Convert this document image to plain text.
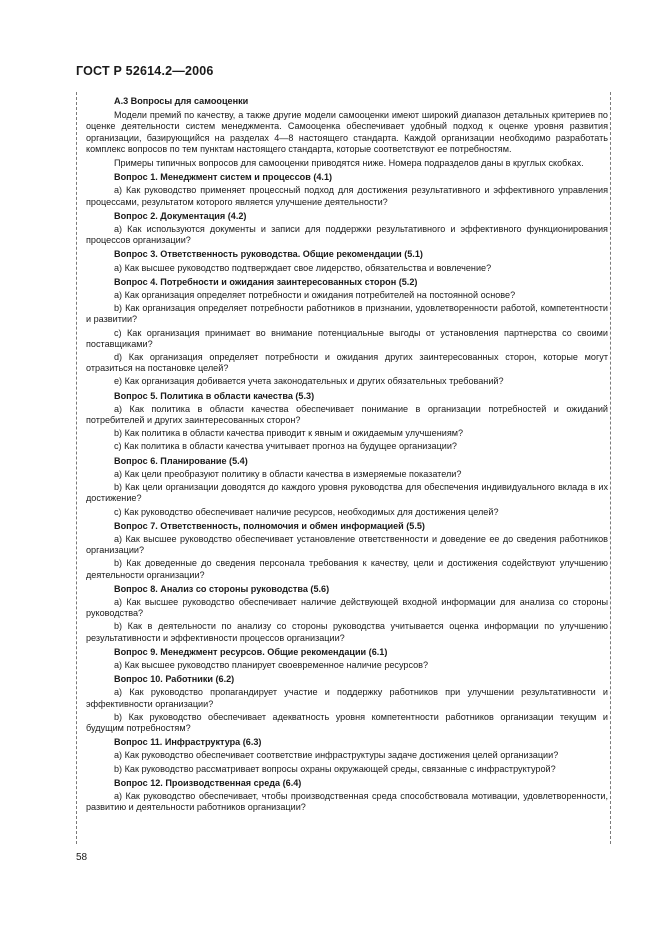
ГОСТ Р 52614.2—2006

А.3 Вопросы для самооценки

Модели премий по качеству, а также другие модели самооценки имеют широкий диапазон детальных критериев по оценке деятельности систем менеджмента. Самооценка обеспечивает удобный подход к оценке уровня развития организации, базирующийся на разделах 4—8 настоящего стандарта. Каждой организации необходимо разработать комплекс вопросов по тем пунктам настоящего стандарта, которые соответствуют ее потребностям.

Примеры типичных вопросов для самооценки приводятся ниже. Номера подразделов даны в круглых скобках.

Вопрос 1. Менеджмент систем и процессов (4.1)

а) Как руководство применяет процессный подход для достижения результативного и эффективного управления процессами, результатом которого является улучшение деятельности?

Вопрос 2. Документация (4.2)

а) Как используются документы и записи для поддержки результативного и эффективного функционирования процессов организации?

Вопрос 3. Ответственность руководства. Общие рекомендации (5.1)

а) Как высшее руководство подтверждает свое лидерство, обязательства и вовлечение?

Вопрос 4. Потребности и ожидания заинтересованных сторон (5.2)

а) Как организация определяет потребности и ожидания потребителей на постоянной основе?

b) Как организация определяет потребности работников в признании, удовлетворенности работой, компетентности и развитии?

с) Как организация принимает во внимание потенциальные выгоды от установления партнерства со своими поставщиками?

d) Как организация определяет потребности и ожидания других заинтересованных сторон, которые могут отразиться на постановке целей?

е) Как организация добивается учета законодательных и других обязательных требований?

Вопрос 5. Политика в области качества (5.3)

а) Как политика в области качества обеспечивает понимание в организации потребностей и ожиданий потребителей и других заинтересованных сторон?

b) Как политика в области качества приводит к явным и ожидаемым улучшениям?

с) Как политика в области качества учитывает прогноз на будущее организации?

Вопрос 6. Планирование (5.4)

а) Как цели преобразуют политику в области качества в измеряемые показатели?

b) Как цели организации доводятся до каждого уровня руководства для обеспечения индивидуального вклада в их достижение?

с) Как руководство обеспечивает наличие ресурсов, необходимых для достижения целей?

Вопрос 7. Ответственность, полномочия и обмен информацией (5.5)

а) Как высшее руководство обеспечивает установление ответственности и доведение ее до сведения работников организации?

b) Как доведенные до сведения персонала требования к качеству, цели и достижения содействуют улучшению деятельности организации?

Вопрос 8. Анализ со стороны руководства (5.6)

а) Как высшее руководство обеспечивает наличие действующей входной информации для анализа со стороны руководства?

b) Как в деятельности по анализу со стороны руководства учитывается оценка информации по улучшению результативности и эффективности процессов организации?

Вопрос 9. Менеджмент ресурсов. Общие рекомендации (6.1)

а) Как высшее руководство планирует своевременное наличие ресурсов?

Вопрос 10. Работники (6.2)

а) Как руководство пропагандирует участие и поддержку работников при улучшении результативности и эффективности организации?

b) Как руководство обеспечивает адекватность уровня компетентности работников организации текущим и будущим потребностям?

Вопрос 11. Инфраструктура (6.3)

а) Как руководство обеспечивает соответствие инфраструктуры задаче достижения целей организации?

b) Как руководство рассматривает вопросы охраны окружающей среды, связанные с инфраструктурой?

Вопрос 12. Производственная среда (6.4)

а) Как руководство обеспечивает, чтобы производственная среда способствовала мотивации, удовлетворенности, развитию и деятельности работников организации?

58
